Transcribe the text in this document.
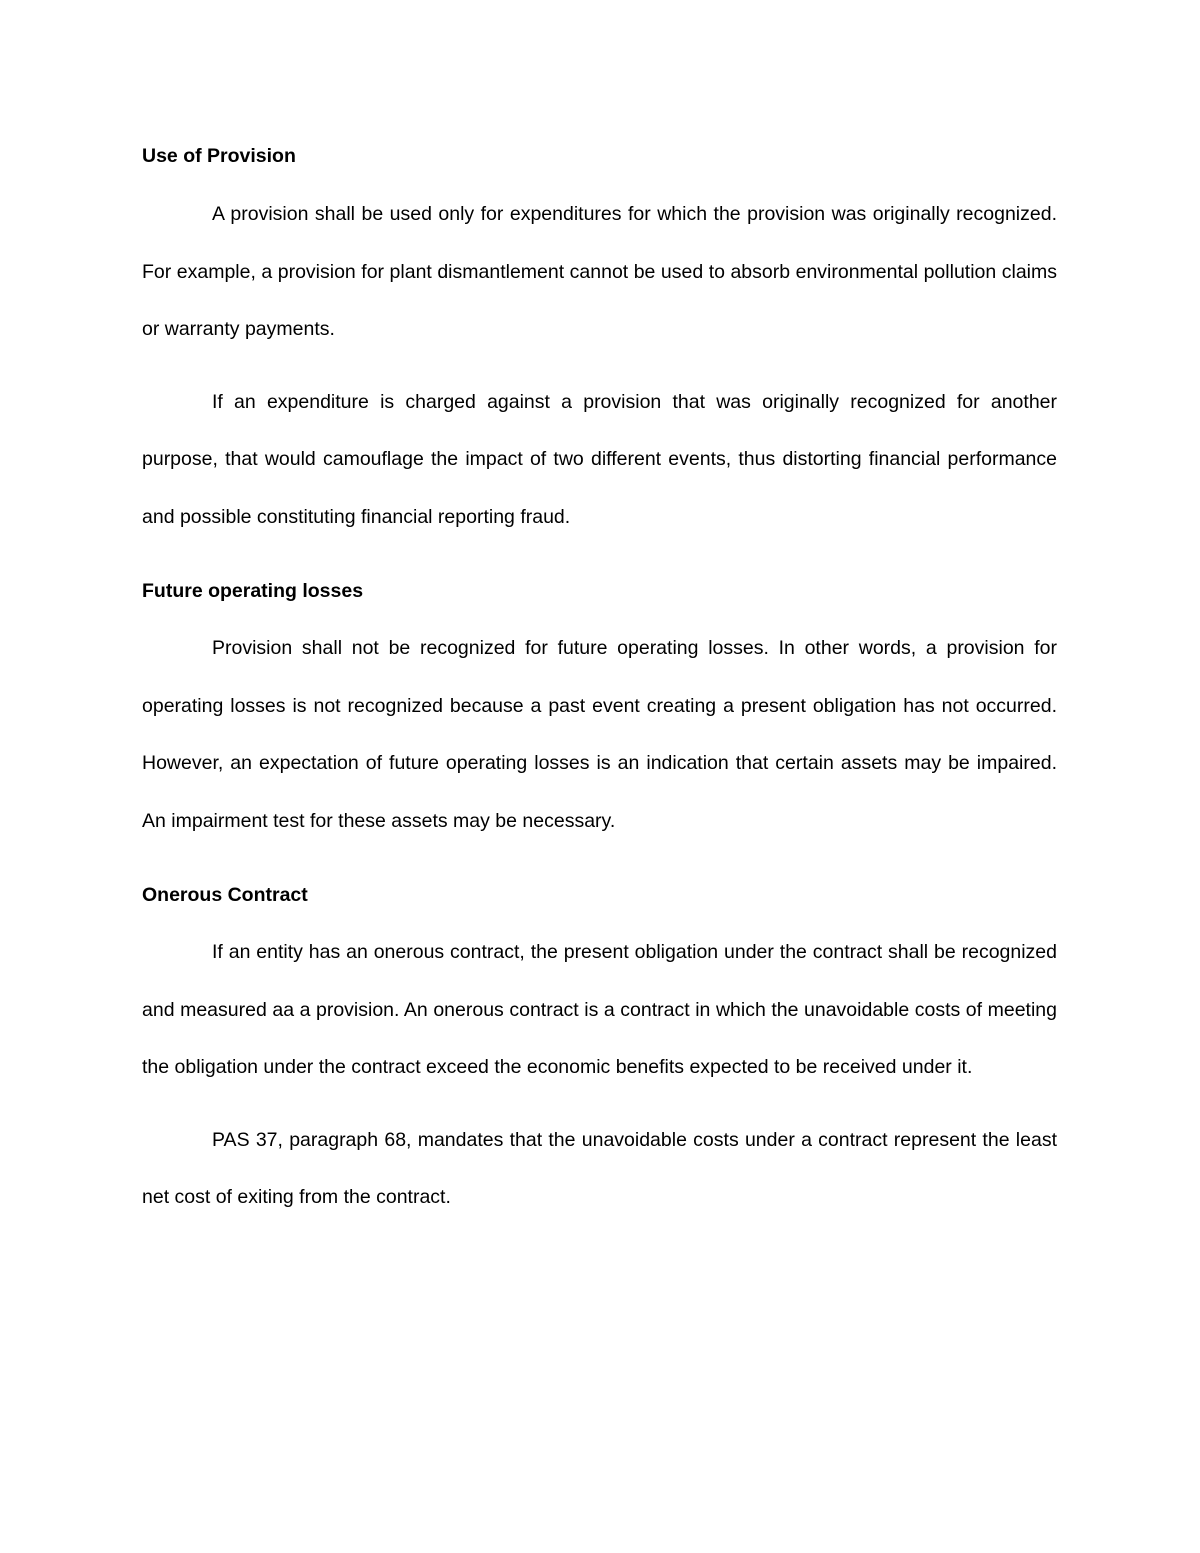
Use of Provision

A provision shall be used only for expenditures for which the provision was originally recognized. For example, a provision for plant dismantlement cannot be used to absorb environmental pollution claims or warranty payments.

If an expenditure is charged against a provision that was originally recognized for another purpose, that would camouflage the impact of two different events, thus distorting financial performance and possible constituting financial reporting fraud.

Future operating losses

Provision shall not be recognized for future operating losses. In other words, a provision for operating losses is not recognized because a past event creating a present obligation has not occurred. However, an expectation of future operating losses is an indication that certain assets may be impaired. An impairment test for these assets may be necessary.

Onerous Contract

If an entity has an onerous contract, the present obligation under the contract shall be recognized and measured aa a provision. An onerous contract is a contract in which the unavoidable costs of meeting the obligation under the contract exceed the economic benefits expected to be received under it.

PAS 37, paragraph 68, mandates that the unavoidable costs under a contract represent the least net cost of exiting from the contract.
